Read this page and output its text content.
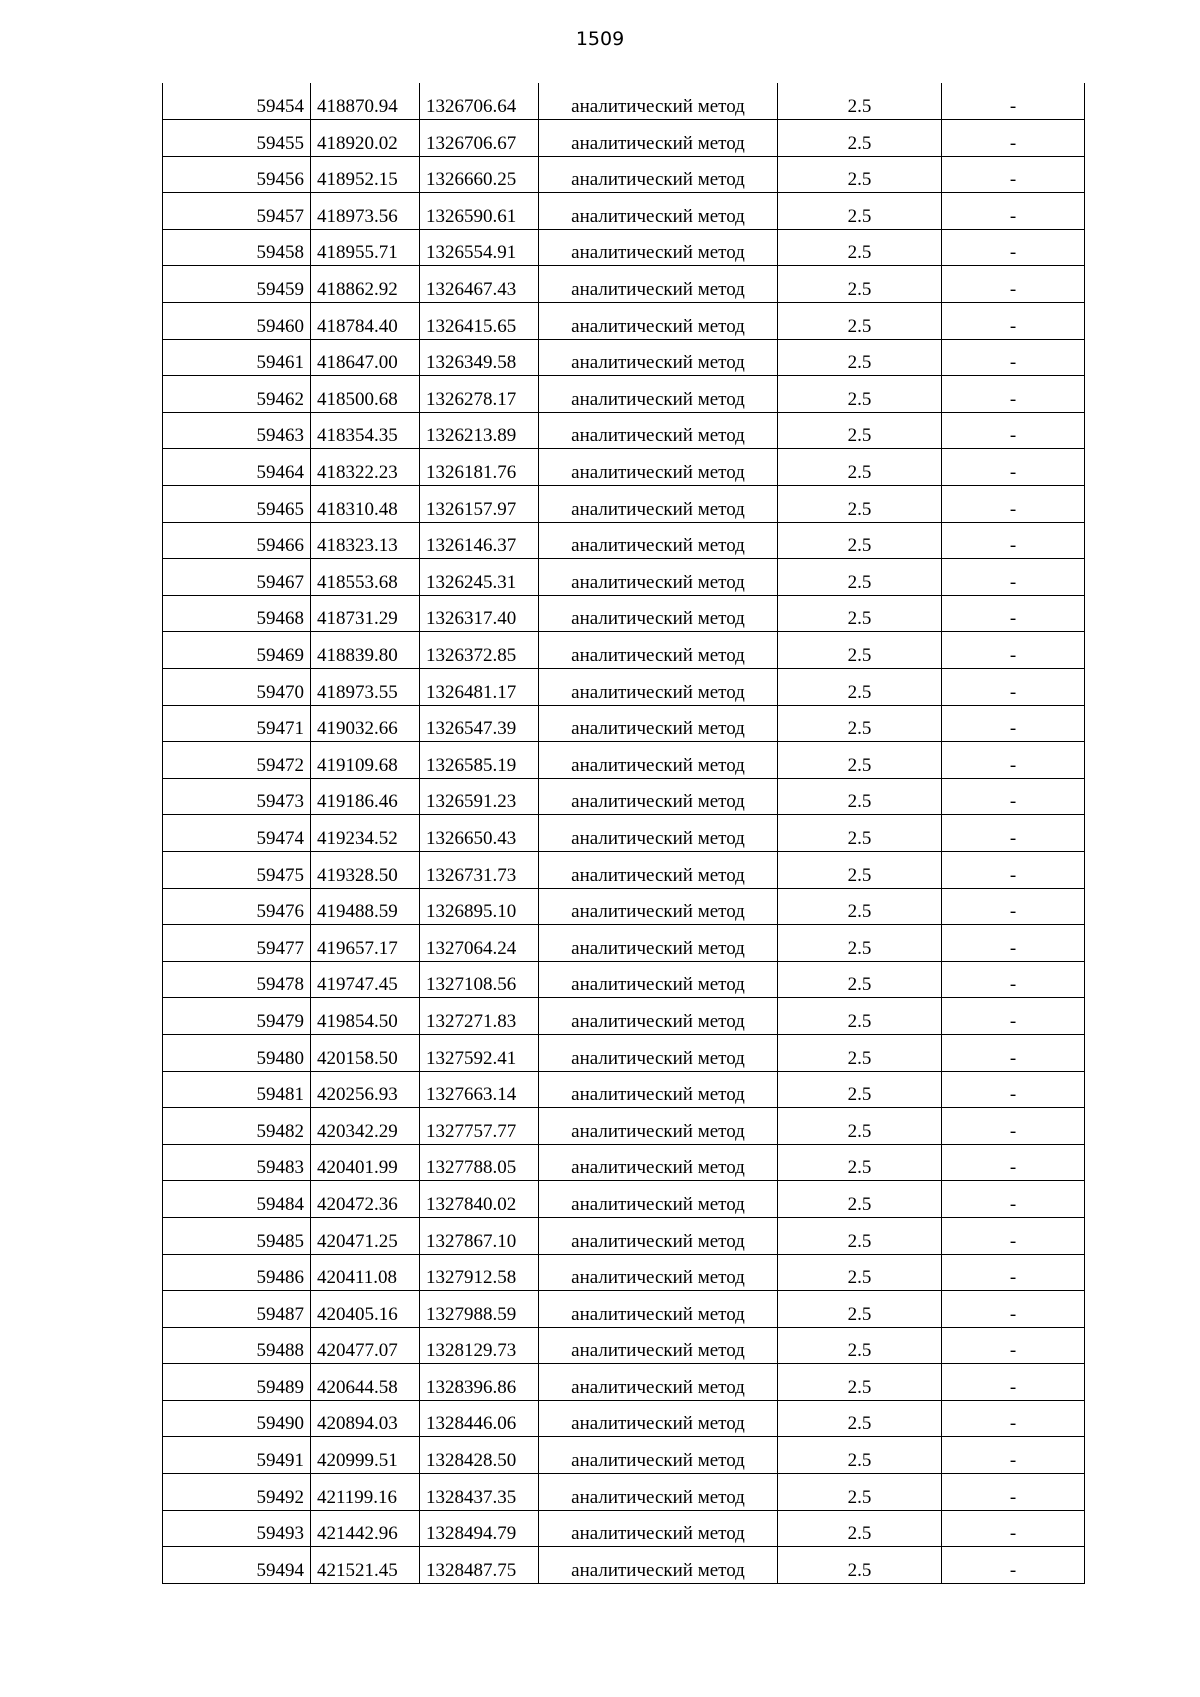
1509
59454	418870.94	1326706.64	аналитический метод	2.5	-
59455	418920.02	1326706.67	аналитический метод	2.5	-
59456	418952.15	1326660.25	аналитический метод	2.5	-
59457	418973.56	1326590.61	аналитический метод	2.5	-
59458	418955.71	1326554.91	аналитический метод	2.5	-
59459	418862.92	1326467.43	аналитический метод	2.5	-
59460	418784.40	1326415.65	аналитический метод	2.5	-
59461	418647.00	1326349.58	аналитический метод	2.5	-
59462	418500.68	1326278.17	аналитический метод	2.5	-
59463	418354.35	1326213.89	аналитический метод	2.5	-
59464	418322.23	1326181.76	аналитический метод	2.5	-
59465	418310.48	1326157.97	аналитический метод	2.5	-
59466	418323.13	1326146.37	аналитический метод	2.5	-
59467	418553.68	1326245.31	аналитический метод	2.5	-
59468	418731.29	1326317.40	аналитический метод	2.5	-
59469	418839.80	1326372.85	аналитический метод	2.5	-
59470	418973.55	1326481.17	аналитический метод	2.5	-
59471	419032.66	1326547.39	аналитический метод	2.5	-
59472	419109.68	1326585.19	аналитический метод	2.5	-
59473	419186.46	1326591.23	аналитический метод	2.5	-
59474	419234.52	1326650.43	аналитический метод	2.5	-
59475	419328.50	1326731.73	аналитический метод	2.5	-
59476	419488.59	1326895.10	аналитический метод	2.5	-
59477	419657.17	1327064.24	аналитический метод	2.5	-
59478	419747.45	1327108.56	аналитический метод	2.5	-
59479	419854.50	1327271.83	аналитический метод	2.5	-
59480	420158.50	1327592.41	аналитический метод	2.5	-
59481	420256.93	1327663.14	аналитический метод	2.5	-
59482	420342.29	1327757.77	аналитический метод	2.5	-
59483	420401.99	1327788.05	аналитический метод	2.5	-
59484	420472.36	1327840.02	аналитический метод	2.5	-
59485	420471.25	1327867.10	аналитический метод	2.5	-
59486	420411.08	1327912.58	аналитический метод	2.5	-
59487	420405.16	1327988.59	аналитический метод	2.5	-
59488	420477.07	1328129.73	аналитический метод	2.5	-
59489	420644.58	1328396.86	аналитический метод	2.5	-
59490	420894.03	1328446.06	аналитический метод	2.5	-
59491	420999.51	1328428.50	аналитический метод	2.5	-
59492	421199.16	1328437.35	аналитический метод	2.5	-
59493	421442.96	1328494.79	аналитический метод	2.5	-
59494	421521.45	1328487.75	аналитический метод	2.5	-
